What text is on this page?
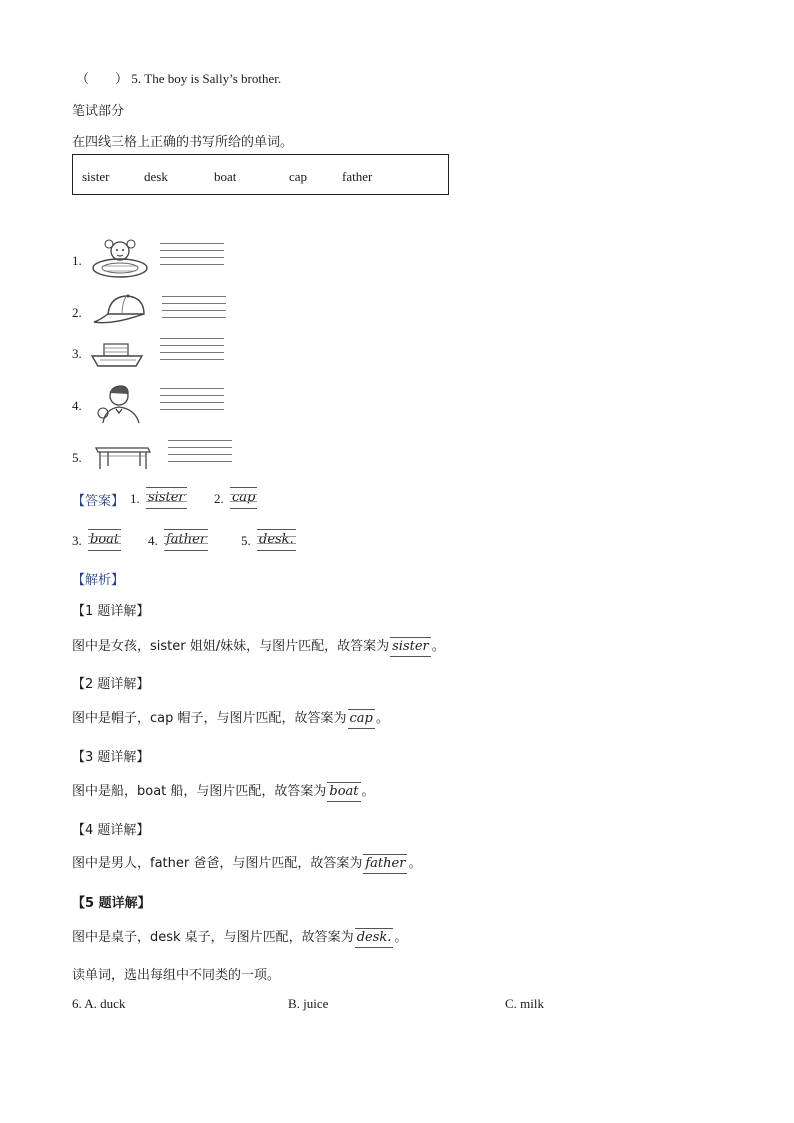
（　　） 5. The boy is Sally’s brother.
笔试部分
在四线三格上正确的书写所给的单词。
sister	desk	boat	cap	father
1.
2.
3.
4.
5.
【答案】 1. sister 2. cap
3. boat 4. father	5. desk.
【解析】
【1 题详解】
图中是女孩，sister 姐姐/妹妹，与图片匹配，故答案为 sister 。
【2 题详解】
图中是帽子，cap 帽子，与图片匹配，故答案为 cap 。
【3 题详解】
图中是船，boat 船，与图片匹配，故答案为 boat 。
【4 题详解】
图中是男人，father 爸爸，与图片匹配，故答案为 father 。
【5 题详解】
图中是桌子，desk 桌子，与图片匹配，故答案为 desk. 。
读单词，选出每组中不同类的一项。
6. A. duck	B. juice	C. milk
